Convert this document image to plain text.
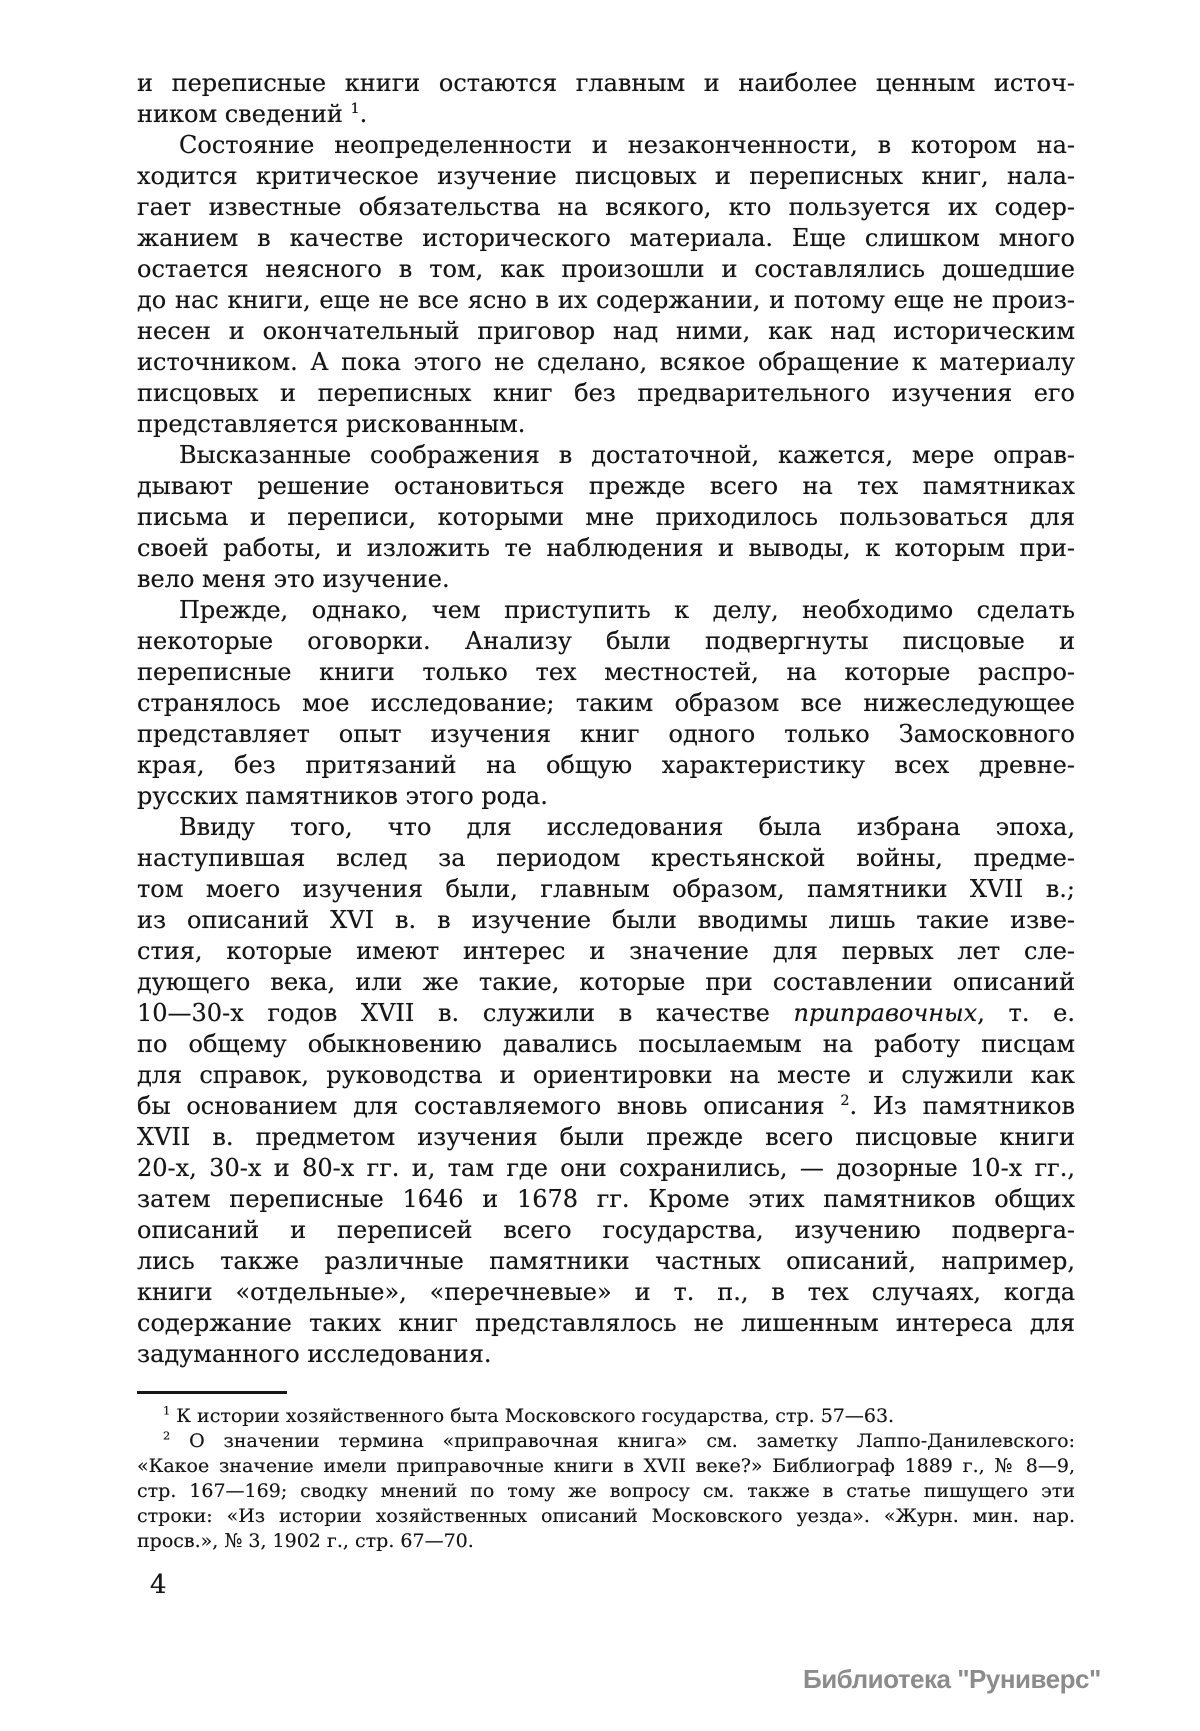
и переписные книги остаются главным и наиболее ценным источ-
ником сведений $^1$.
Состояние неопределенности и незаконченности, в котором на-
ходится критическое изучение писцовых и переписных книг, нала-
гает известные обязательства на всякого, кто пользуется их содер-
жанием в качестве исторического материала. Еще слишком много
остается неясного в том, как произошли и составлялись дошедшие
до нас книги, еще не все ясно в их содержании, и потому еще не произ-
несен и окончательный приговор над ними, как над историческим
источником. А пока этого не сделано, всякое обращение к материалу
писцовых и переписных книг без предварительного изучения его
представляется рискованным.
Высказанные соображения в достаточной, кажется, мере оправ-
дывают решение остановиться прежде всего на тех памятниках
письма и переписи, которыми мне приходилось пользоваться для
своей работы, и изложить те наблюдения и выводы, к которым при-
вело меня это изучение.
Прежде, однако, чем приступить к делу, необходимо сделать
некоторые оговорки. Анализу были подвергнуты писцовые и
переписные книги только тех местностей, на которые распро-
странялось мое исследование; таким образом все нижеследующее
представляет опыт изучения книг одного только Замосковного
края, без притязаний на общую характеристику всех древне-
русских памятников этого рода.
Ввиду того, что для исследования была избрана эпоха,
наступившая вслед за периодом крестьянской войны, предме-
том моего изучения были, главным образом, памятники XVII в.;
из описаний XVI в. в изучение были вводимы лишь такие изве-
стия, которые имеют интерес и значение для первых лет сле-
дующего века, или же такие, которые при составлении описаний
10—30-х годов XVII в. служили в качестве приправочных, т. е.
по общему обыкновению давались посылаемым на работу писцам
для справок, руководства и ориентировки на месте и служили как
бы основанием для составляемого вновь описания $^2$. Из памятников
XVII в. предметом изучения были прежде всего писцовые книги
20-х, 30-х и 80-х гг. и, там где они сохранились, — дозорные 10-х гг.,
затем переписные 1646 и 1678 гг. Кроме этих памятников общих
описаний и переписей всего государства, изучению подверга-
лись также различные памятники частных описаний, например,
книги «отдельные», «перечневые» и т. п., в тех случаях, когда
содержание таких книг представлялось не лишенным интереса для
задуманного исследования.
$^1$ К истории хозяйственного быта Московского государства, стр. 57—63.
$^2$ О значении термина «приправочная книга» см. заметку Лаппо-Данилевского:
«Какое значение имели приправочные книги в XVII веке?» Библиограф 1889 г., № 8—9,
стр. 167—169; сводку мнений по тому же вопросу см. также в статье пишущего эти
строки: «Из истории хозяйственных описаний Московского уезда». «Журн. мин. нар.
просв.», № 3, 1902 г., стр. 67—70.
4
Библиотека "Руниверс"
